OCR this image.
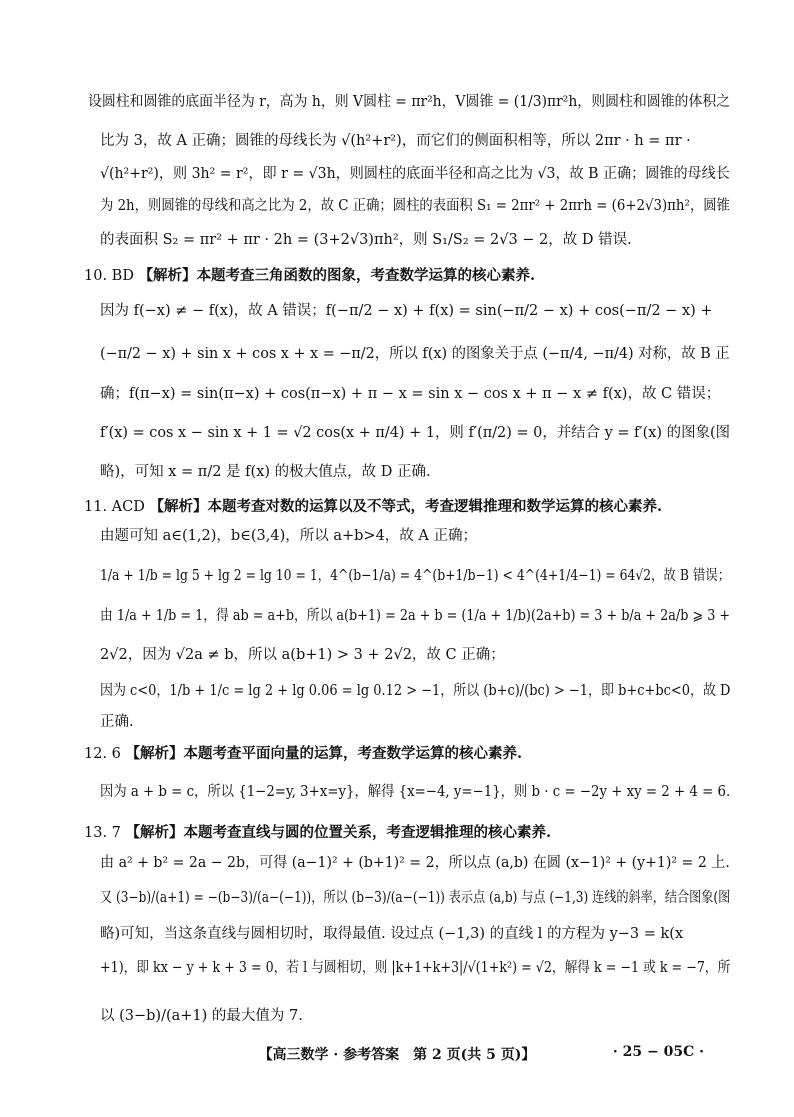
设圆柱和圆锥的底面半径为 r，高为 h，则 V圆柱 = πr²h，V圆锥 = (1/3)πr²h，则圆柱和圆锥的体积之
比为 3，故 A 正确；圆锥的母线长为 √(h²+r²)，而它们的侧面积相等，所以 2πr · h = πr ·
√(h²+r²)，则 3h² = r²，即 r = √3h，则圆柱的底面半径和高之比为 √3，故 B 正确；圆锥的母线长
为 2h，则圆锥的母线和高之比为 2，故 C 正确；圆柱的表面积 S₁ = 2πr² + 2πrh = (6+2√3)πh²，圆锥
的表面积 S₂ = πr² + πr · 2h = (3+2√3)πh²，则 S₁/S₂ = 2√3 − 2，故 D 错误.
10. BD 【解析】本题考查三角函数的图象，考查数学运算的核心素养.
因为 f(−x) ≠ − f(x)，故 A 错误；f(−π/2 − x) + f(x) = sin(−π/2 − x) + cos(−π/2 − x) +
(−π/2 − x) + sin x + cos x + x = −π/2，所以 f(x) 的图象关于点 (−π/4, −π/4) 对称，故 B 正
确；f(π−x) = sin(π−x) + cos(π−x) + π − x = sin x − cos x + π − x ≠ f(x)，故 C 错误；
f′(x) = cos x − sin x + 1 = √2 cos(x + π/4) + 1，则 f′(π/2) = 0，并结合 y = f′(x) 的图象(图
略)，可知 x = π/2 是 f(x) 的极大值点，故 D 正确.
11. ACD 【解析】本题考查对数的运算以及不等式，考查逻辑推理和数学运算的核心素养.
由题可知 a∈(1,2)，b∈(3,4)，所以 a+b>4，故 A 正确；
1/a + 1/b = lg 5 + lg 2 = lg 10 = 1，4^(b−1/a) = 4^(b+1/b−1) < 4^(4+1/4−1) = 64√2，故 B 错误；
由 1/a + 1/b = 1，得 ab = a+b，所以 a(b+1) = 2a + b = (1/a + 1/b)(2a+b) = 3 + b/a + 2a/b ⩾ 3 +
2√2，因为 √2a ≠ b，所以 a(b+1) > 3 + 2√2，故 C 正确；
因为 c<0，1/b + 1/c = lg 2 + lg 0.06 = lg 0.12 > −1，所以 (b+c)/(bc) > −1，即 b+c+bc<0，故 D
正确.
12. 6 【解析】本题考查平面向量的运算，考查数学运算的核心素养.
因为 a + b = c，所以 {1−2=y, 3+x=y}，解得 {x=−4, y=−1}，则 b · c = −2y + xy = 2 + 4 = 6.
13. 7 【解析】本题考查直线与圆的位置关系，考查逻辑推理的核心素养.
由 a² + b² = 2a − 2b，可得 (a−1)² + (b+1)² = 2，所以点 (a,b) 在圆 (x−1)² + (y+1)² = 2 上.
又 (3−b)/(a+1) = −(b−3)/(a−(−1))，所以 (b−3)/(a−(−1)) 表示点 (a,b) 与点 (−1,3) 连线的斜率，结合图象(图
略)可知，当这条直线与圆相切时，取得最值. 设过点 (−1,3) 的直线 l 的方程为 y−3 = k(x
+1)，即 kx − y + k + 3 = 0，若 l 与圆相切，则 |k+1+k+3|/√(1+k²) = √2，解得 k = −1 或 k = −7，所
以 (3−b)/(a+1) 的最大值为 7.
【高三数学 · 参考答案　第 2 页(共 5 页)】	· 25 − 05C ·
